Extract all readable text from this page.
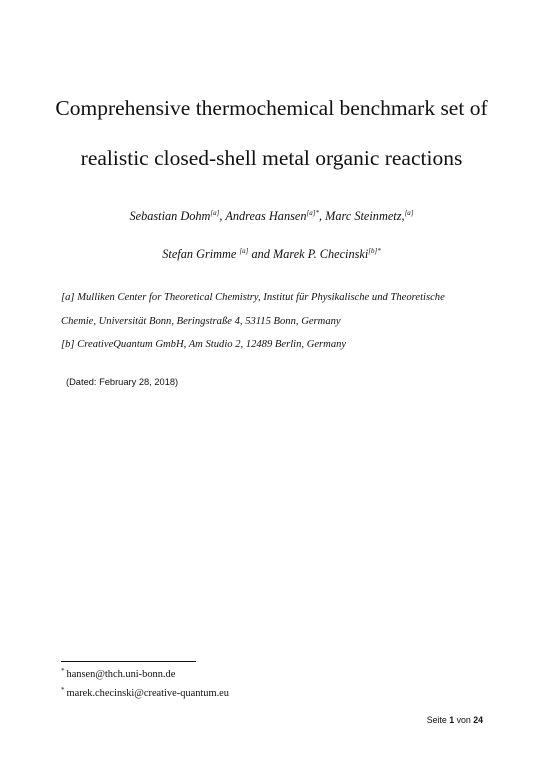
Comprehensive thermochemical benchmark set of
realistic closed-shell metal organic reactions
Sebastian Dohm[a], Andreas Hansen$^{[a]*}$, Marc Steinmetz,[a]
Stefan Grimme [a] and Marek P. Checinski$^{[b]*}$
[a] Mulliken Center for Theoretical Chemistry, Institut für Physikalische und Theoretische
Chemie, Universität Bonn, Beringstraße 4, 53115 Bonn, Germany
[b] CreativeQuantum GmbH, Am Studio 2, 12489 Berlin, Germany
(Dated: February 28, 2018)
* hansen@thch.uni-bonn.de
* marek.checinski@creative-quantum.eu
Seite 1 von 24
